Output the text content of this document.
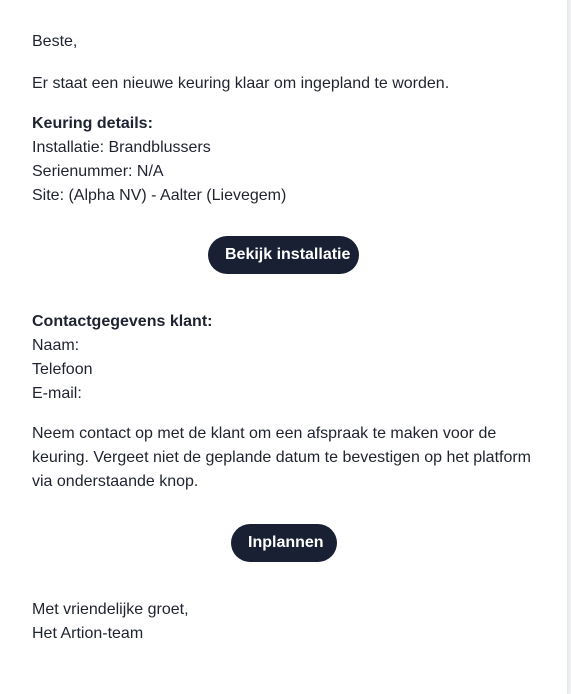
Beste,

Er staat een nieuwe keuring klaar om ingepland te worden.

Keuring details:
Installatie: Brandblussers
Serienummer: N/A
Site: (Alpha NV) - Aalter (Lievegem)
Contactgegevens klant:
Naam:
Telefoon
E-mail:

Neem contact op met de klant om een afspraak te maken voor de keuring. Vergeet niet de geplande datum te bevestigen op het platform via onderstaande knop.

Met vriendelijke groet,
Het Artion-team
Bekijk installatie
Inplannen
